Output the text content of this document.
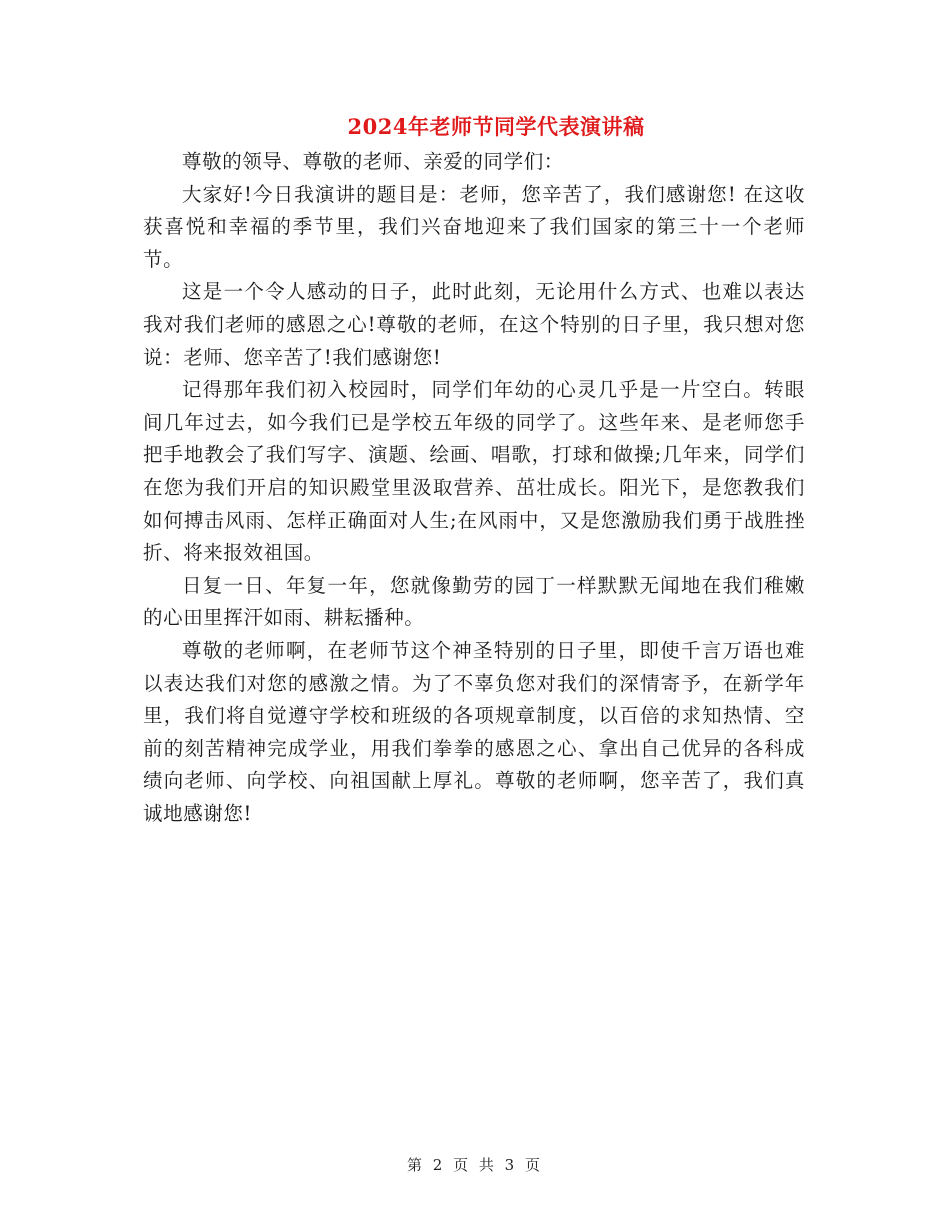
2024年老师节同学代表演讲稿

尊敬的领导、尊敬的老师、亲爱的同学们：

大家好!今日我演讲的题目是：老师，您辛苦了，我们感谢您! 在这收获喜悦和幸福的季节里，我们兴奋地迎来了我们国家的第三十一个老师节。

这是一个令人感动的日子，此时此刻，无论用什么方式、也难以表达我对我们老师的感恩之心!尊敬的老师，在这个特别的日子里，我只想对您说：老师、您辛苦了!我们感谢您!

记得那年我们初入校园时，同学们年幼的心灵几乎是一片空白。转眼间几年过去，如今我们已是学校五年级的同学了。这些年来、是老师您手把手地教会了我们写字、演题、绘画、唱歌，打球和做操;几年来，同学们在您为我们开启的知识殿堂里汲取营养、茁壮成长。阳光下，是您教我们如何搏击风雨、怎样正确面对人生;在风雨中，又是您激励我们勇于战胜挫折、将来报效祖国。

日复一日、年复一年，您就像勤劳的园丁一样默默无闻地在我们稚嫩的心田里挥汗如雨、耕耘播种。

尊敬的老师啊，在老师节这个神圣特别的日子里，即使千言万语也难以表达我们对您的感激之情。为了不辜负您对我们的深情寄予，在新学年里，我们将自觉遵守学校和班级的各项规章制度，以百倍的求知热情、空前的刻苦精神完成学业，用我们拳拳的感恩之心、拿出自己优异的各科成绩向老师、向学校、向祖国献上厚礼。尊敬的老师啊，您辛苦了，我们真诚地感谢您!

第 2 页 共 3 页
